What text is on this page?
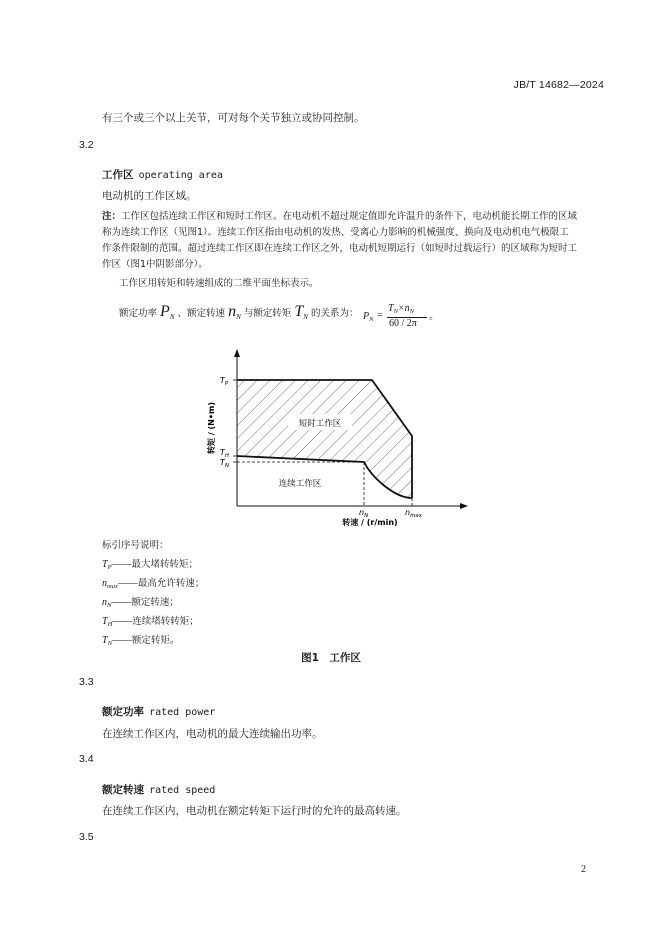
JB/T 14682—2024
有三个或三个以上关节，可对每个关节独立或协同控制。
3.2
工作区 operating area
电动机的工作区域。
注：工作区包括连续工作区和短时工作区。在电动机不超过规定值即允许温升的条件下，电动机能长期工作的区域
称为连续工作区（见图1）。连续工作区指由电动机的发热、受离心力影响的机械强度、换向及电动机电气极限工
作条件限制的范围。超过连续工作区即在连续工作区之外，电动机短期运行（如短时过载运行）的区域称为短时工
作区（图1中阴影部分）。
工作区用转矩和转速组成的二维平面坐标表示。
额定功率 PN 、额定转速 nN 与额定转矩 TN 的关系为： $P_N$ =
$T_N\times n_N$
60 / 2π
。
$T_P$
$T_H$
$T_N$
$n_N$	$n_{max}$
短时工作区
连续工作区
转矩 / (N•m)
转速 / (r/min)
标引序号说明：
$T_P——$最大堵转转矩；
$n_{max}——$最高允许转速；
$n_N——$额定转速；
$T_H——$连续堵转转矩；
$T_N——$额定转矩。
图1　工作区
3.3
额定功率 rated power
在连续工作区内，电动机的最大连续输出功率。
3.4
额定转速 rated speed
在连续工作区内，电动机在额定转矩下运行时的允许的最高转速。
3.5
2
